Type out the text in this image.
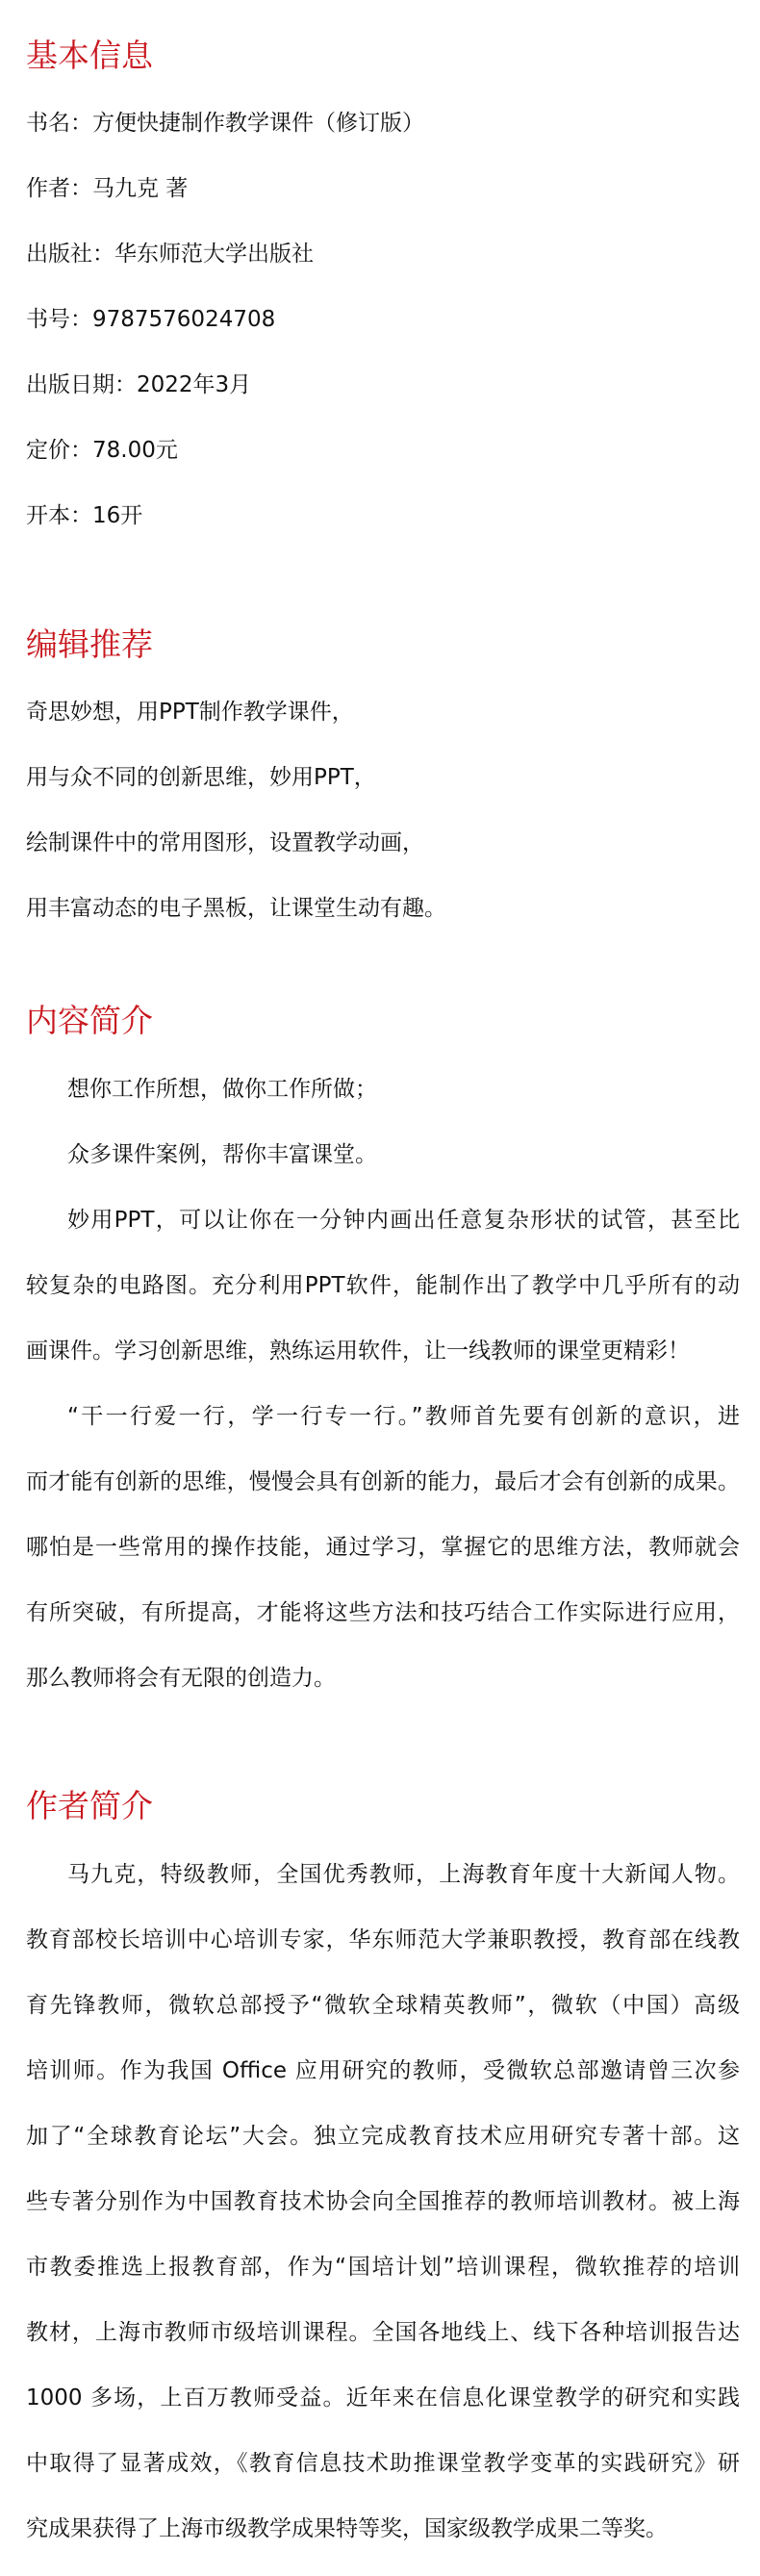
基本信息
书名：方便快捷制作教学课件（修订版）
作者：马九克 著
出版社：华东师范大学出版社
书号：9787576024708
出版日期：2022年3月
定价：78.00元
开本：16开
编辑推荐
奇思妙想，用PPT制作教学课件，
用与众不同的创新思维，妙用PPT，
绘制课件中的常用图形，设置教学动画，
用丰富动态的电子黑板，让课堂生动有趣。
内容简介
想你工作所想，做你工作所做；
众多课件案例，帮你丰富课堂。
妙用PPT，可以让你在一分钟内画出任意复杂形状的试管，甚至比
较复杂的电路图。充分利用PPT软件，能制作出了教学中几乎所有的动
画课件。学习创新思维，熟练运用软件，让一线教师的课堂更精彩！
“干一行爱一行，学一行专一行。”教师首先要有创新的意识，进
而才能有创新的思维，慢慢会具有创新的能力，最后才会有创新的成果。
哪怕是一些常用的操作技能，通过学习，掌握它的思维方法，教师就会
有所突破，有所提高，才能将这些方法和技巧结合工作实际进行应用，
那么教师将会有无限的创造力。
作者简介
马九克，特级教师，全国优秀教师，上海教育年度十大新闻人物。
教育部校长培训中心培训专家，华东师范大学兼职教授，教育部在线教
育先锋教师，微软总部授予“微软全球精英教师”，微软（中国）高级
培训师。作为我国 Office 应用研究的教师，受微软总部邀请曾三次参
加了“全球教育论坛”大会。独立完成教育技术应用研究专著十部。这
些专著分别作为中国教育技术协会向全国推荐的教师培训教材。被上海
市教委推选上报教育部，作为“国培计划”培训课程，微软推荐的培训
教材，上海市教师市级培训课程。全国各地线上、线下各种培训报告达
1000 多场，上百万教师受益。近年来在信息化课堂教学的研究和实践
中取得了显著成效，《教育信息技术助推课堂教学变革的实践研究》研
究成果获得了上海市级教学成果特等奖，国家级教学成果二等奖。
